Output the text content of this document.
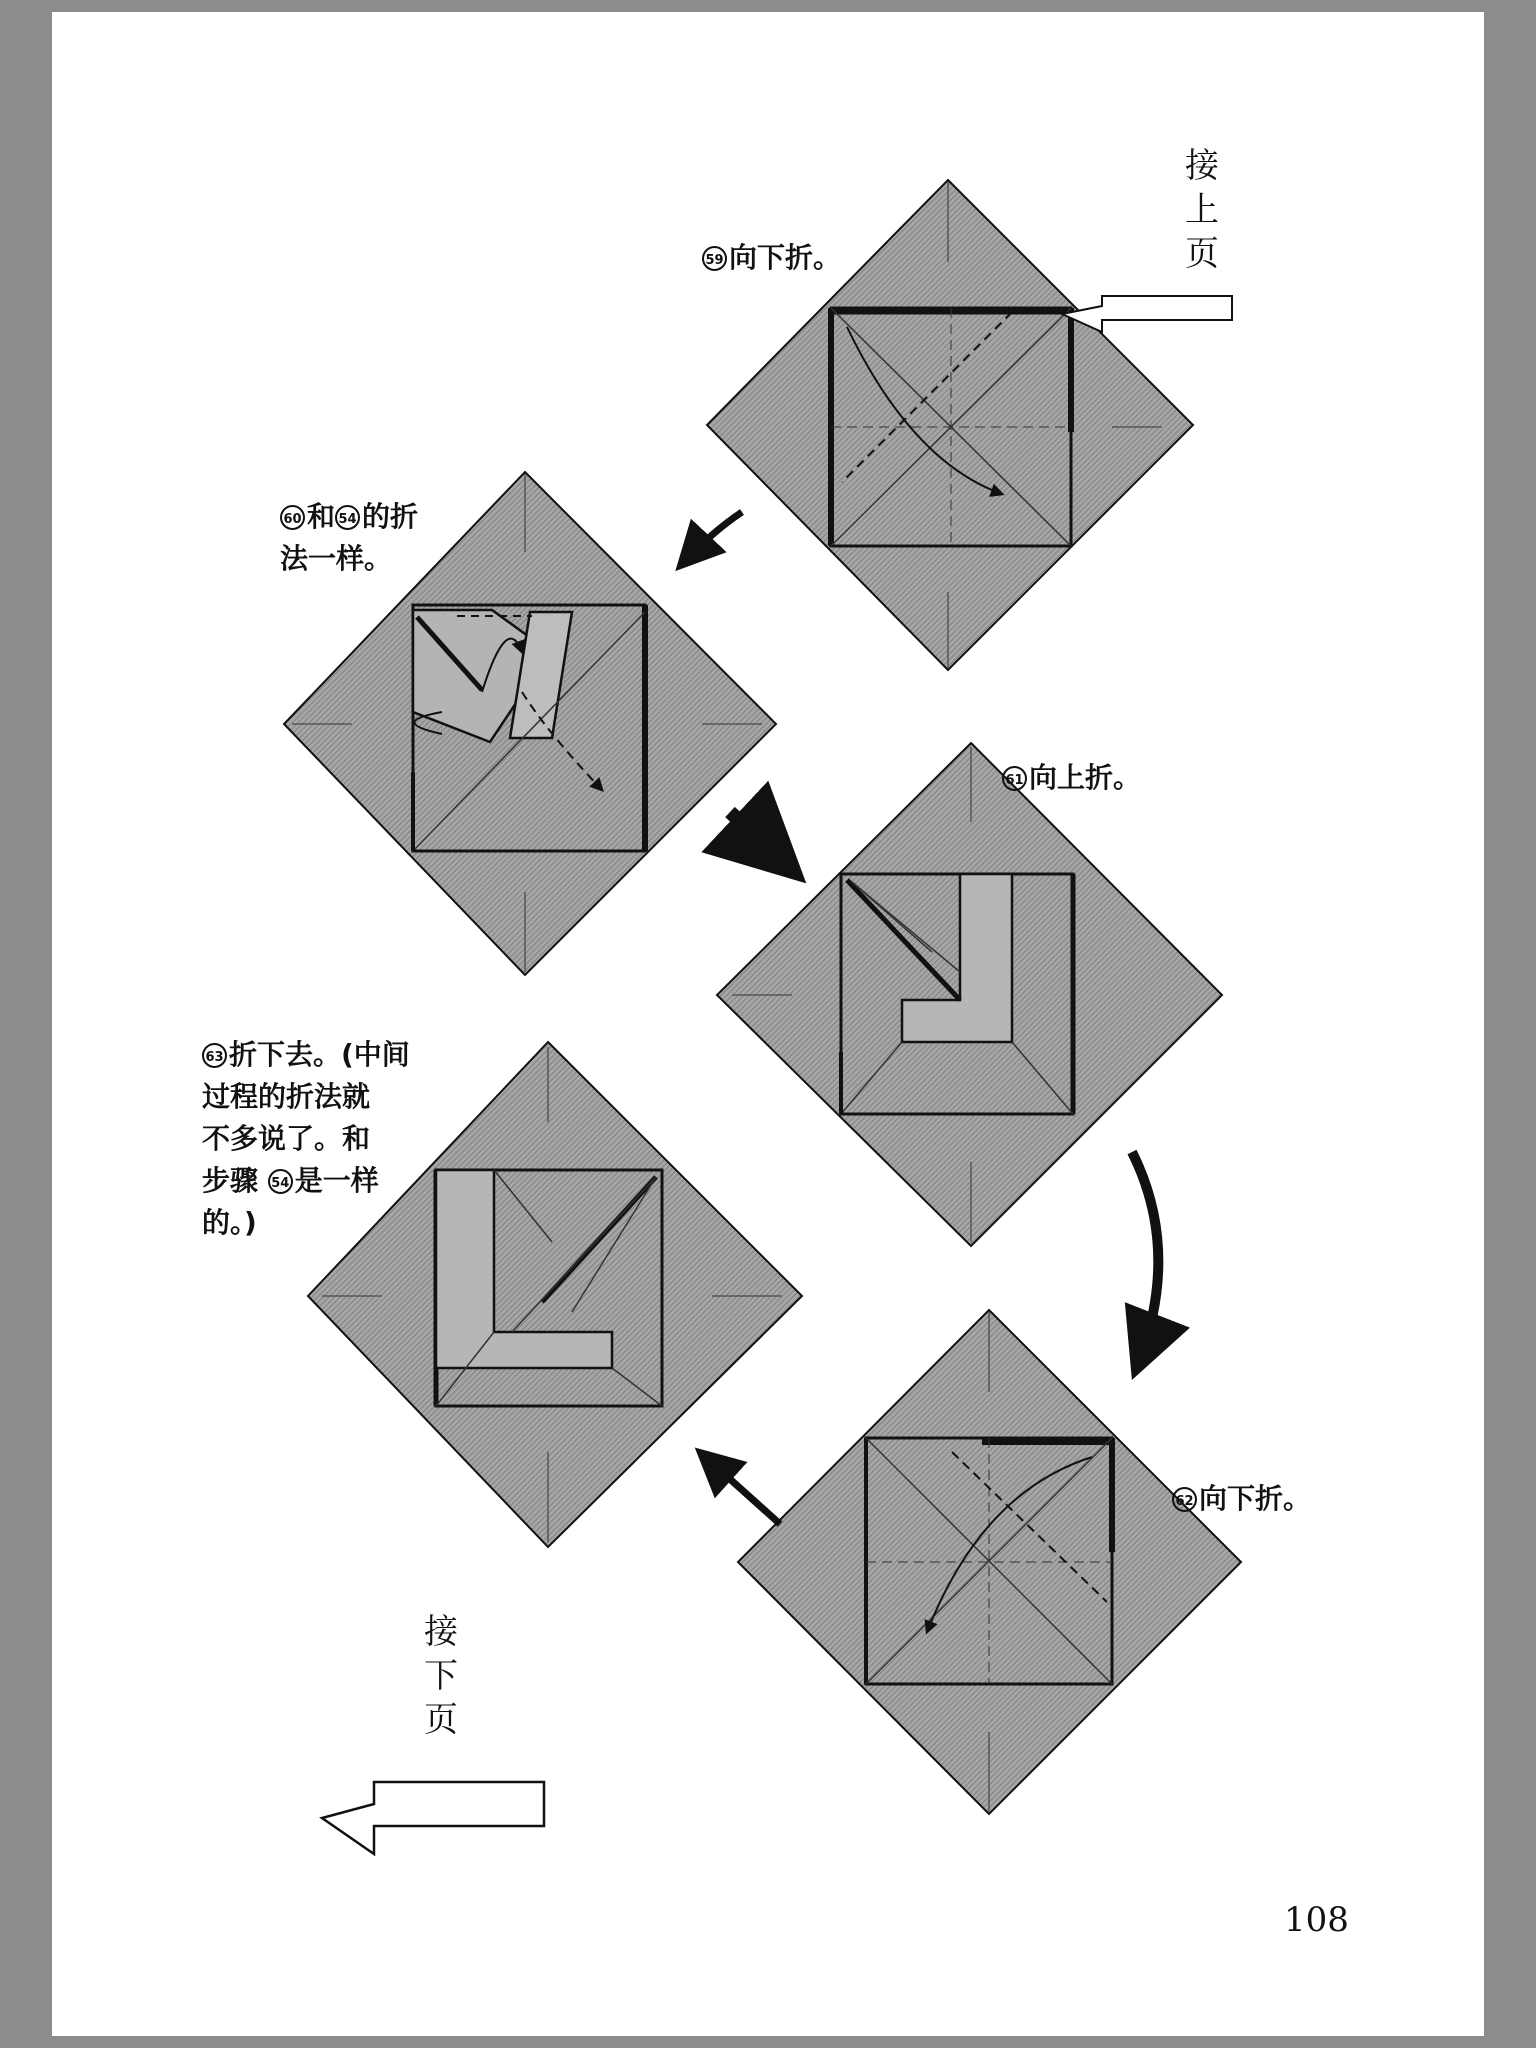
59 向下折。

60 和 54 的折
法一样。

61 向上折。

62 向下折。

63 折下去。(中间
过程的折法就
不多说了。和
步骤 54 是一样
的。)

接
上
页
接
下
页
108
